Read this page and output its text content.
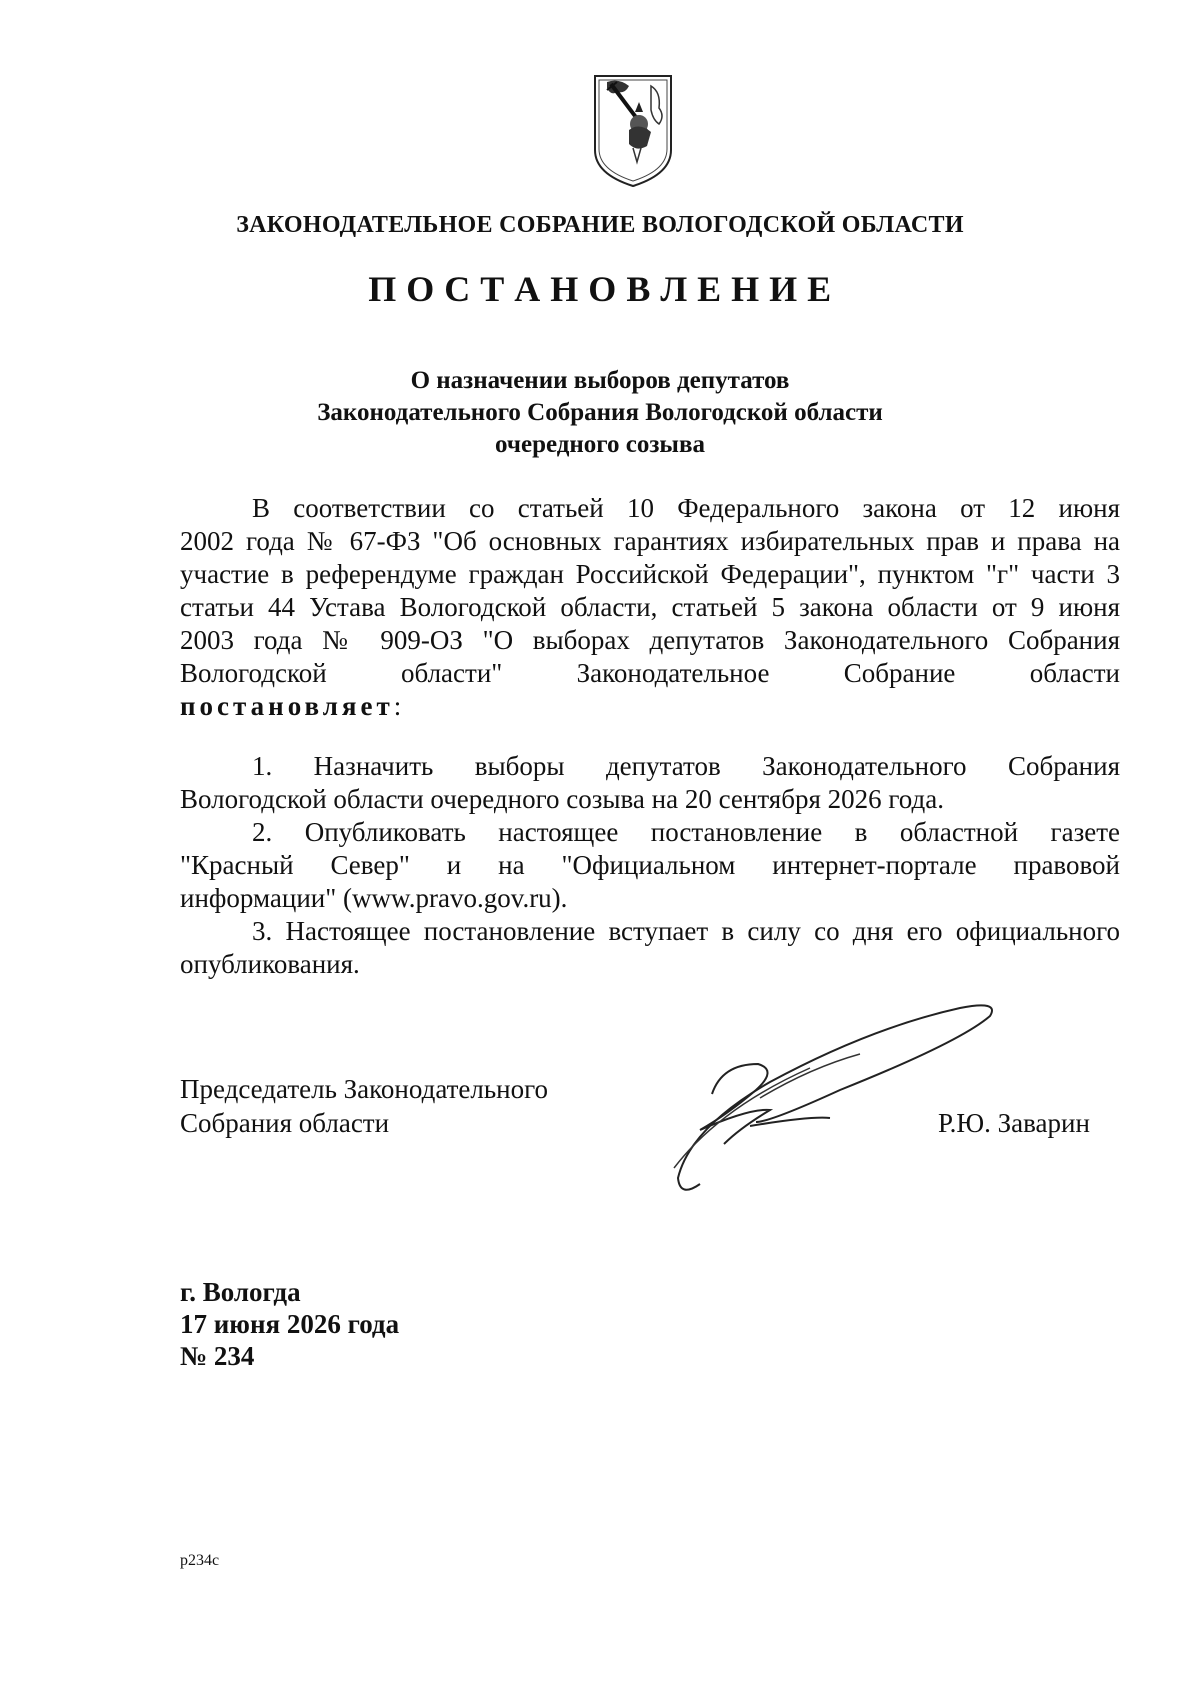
ЗАКОНОДАТЕЛЬНОЕ СОБРАНИЕ ВОЛОГОДСКОЙ ОБЛАСТИ
П О С Т А Н О В Л Е Н И Е
О назначении выборов депутатов
Законодательного Собрания Вологодской области
очередного созыва
В соответствии со статьей 10 Федерального закона от 12 июня
2002 года № 67-ФЗ "Об основных гарантиях избирательных прав и права на
участие в референдуме граждан Российской Федерации", пунктом "г" части 3
статьи 44 Устава Вологодской области, статьей 5 закона области от 9 июня
2003 года № 909-ОЗ "О выборах депутатов Законодательного Собрания
Вологодской области" Законодательное Собрание области
постановляет:
1. Назначить выборы депутатов Законодательного Собрания
Вологодской области очередного созыва на 20 сентября 2026 года.
2. Опубликовать настоящее постановление в областной газете
"Красный Север" и на "Официальном интернет-портале правовой
информации" (www.pravo.gov.ru).
3. Настоящее постановление вступает в силу со дня его официального
опубликования.
Председатель Законодательного
Собрания области	Р.Ю. Заварин
г. Вологда
17 июня 2026 года
№ 234
p234c
